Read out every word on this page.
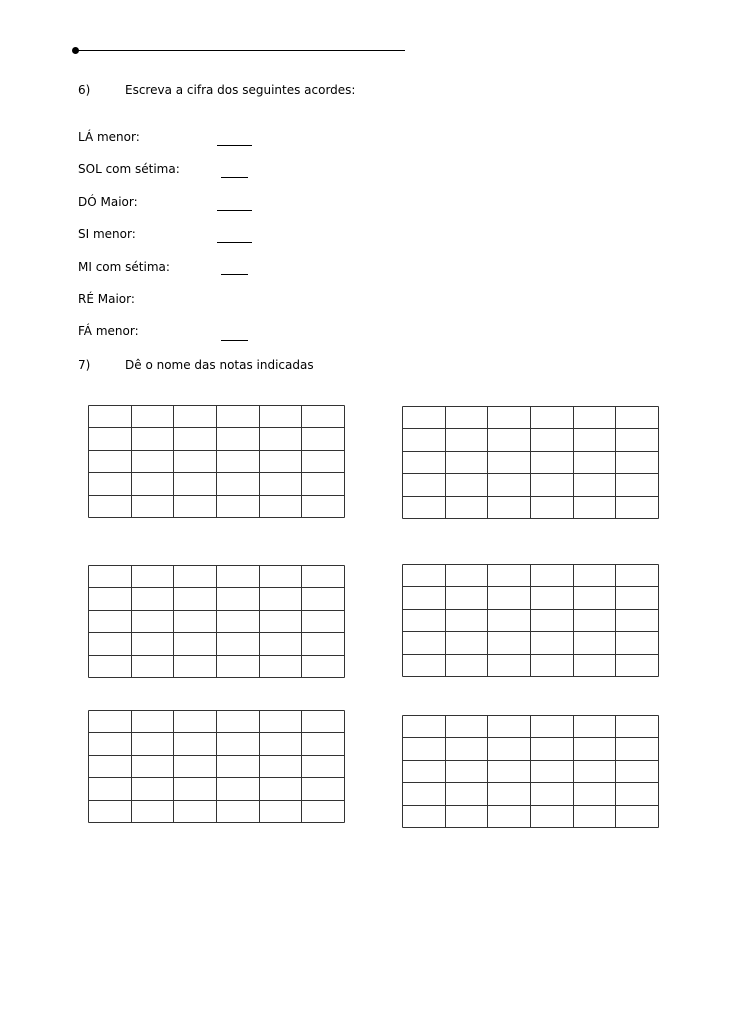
6)	Escreva a cifra dos seguintes acordes:
LÁ menor:
SOL com sétima:
DÓ Maior:
SI menor:
MI com sétima:
RÉ Maior:
FÁ menor:
7)	Dê o nome das notas indicadas
